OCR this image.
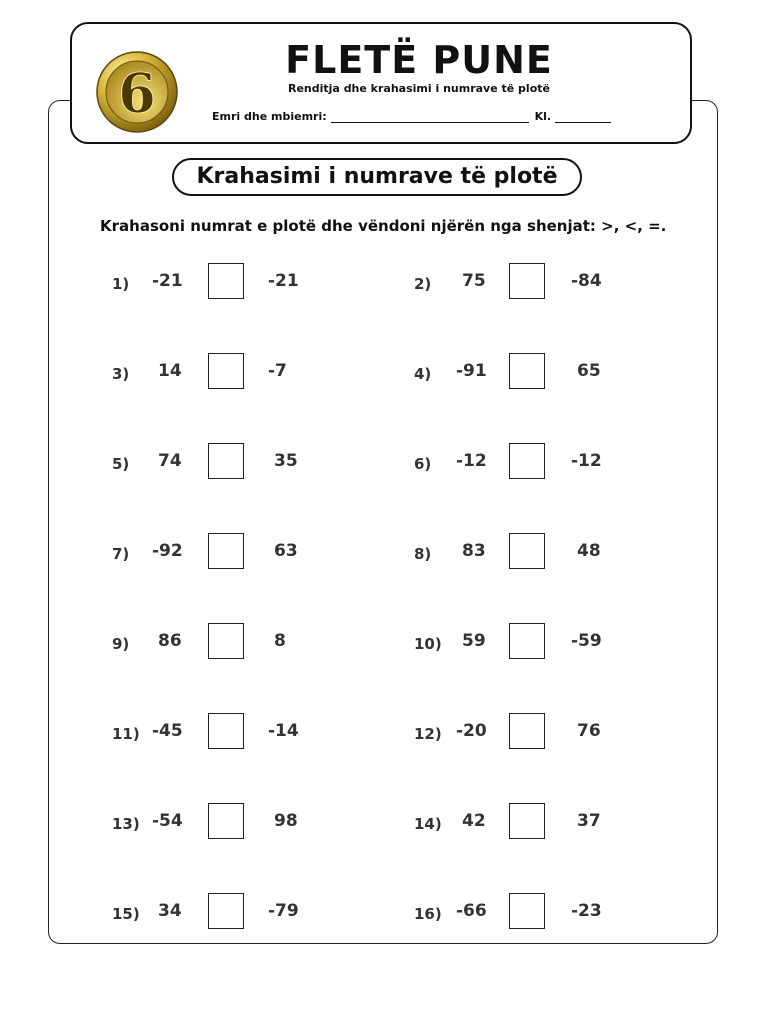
6
FLETË PUNE
Renditja dhe krahasimi i numrave të plotë
Emri dhe mbiemri:	Kl.
Krahasimi i numrave të plotë
Krahasoni numrat e plotë dhe vëndoni njërën nga shenjat: >, <, =.
1) -21	-21	2) 75	-84
3) 14	-7	4) -91	65
5) 74	35	6) -12	-12
7) -92	63	8) 83	48
9) 86	8	10) 59	-59
11) -45	-14	12) -20	76
13) -54	98	14) 42	37
15) 34	-79	16) -66	-23
